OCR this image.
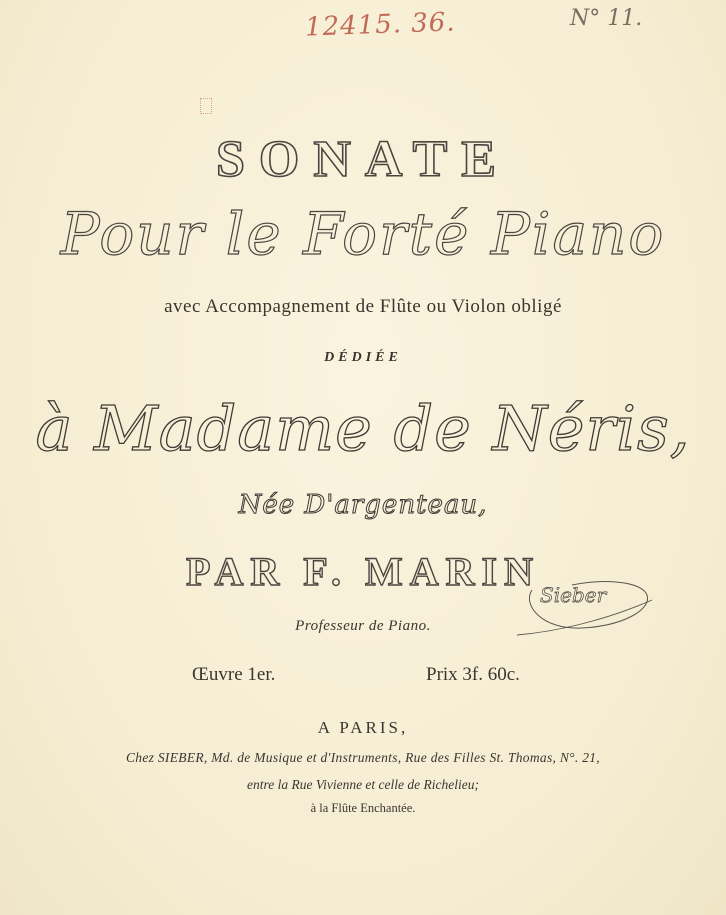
12415. 36.	N° 11.
SONATE
Pour le Forté Piano
avec Accompagnement de Flûte ou Violon obligé
DÉDIÉE
à Madame de Néris,
Née D'argenteau,
PAR F. MARIN
Sieber
Professeur de Piano.
Œuvre 1er.	Prix 3f. 60c.
A PARIS,
Chez SIEBER, Md. de Musique et d'Instruments, Rue des Filles St. Thomas, N°. 21,
entre la Rue Vivienne et celle de Richelieu;
à la Flûte Enchantée.
